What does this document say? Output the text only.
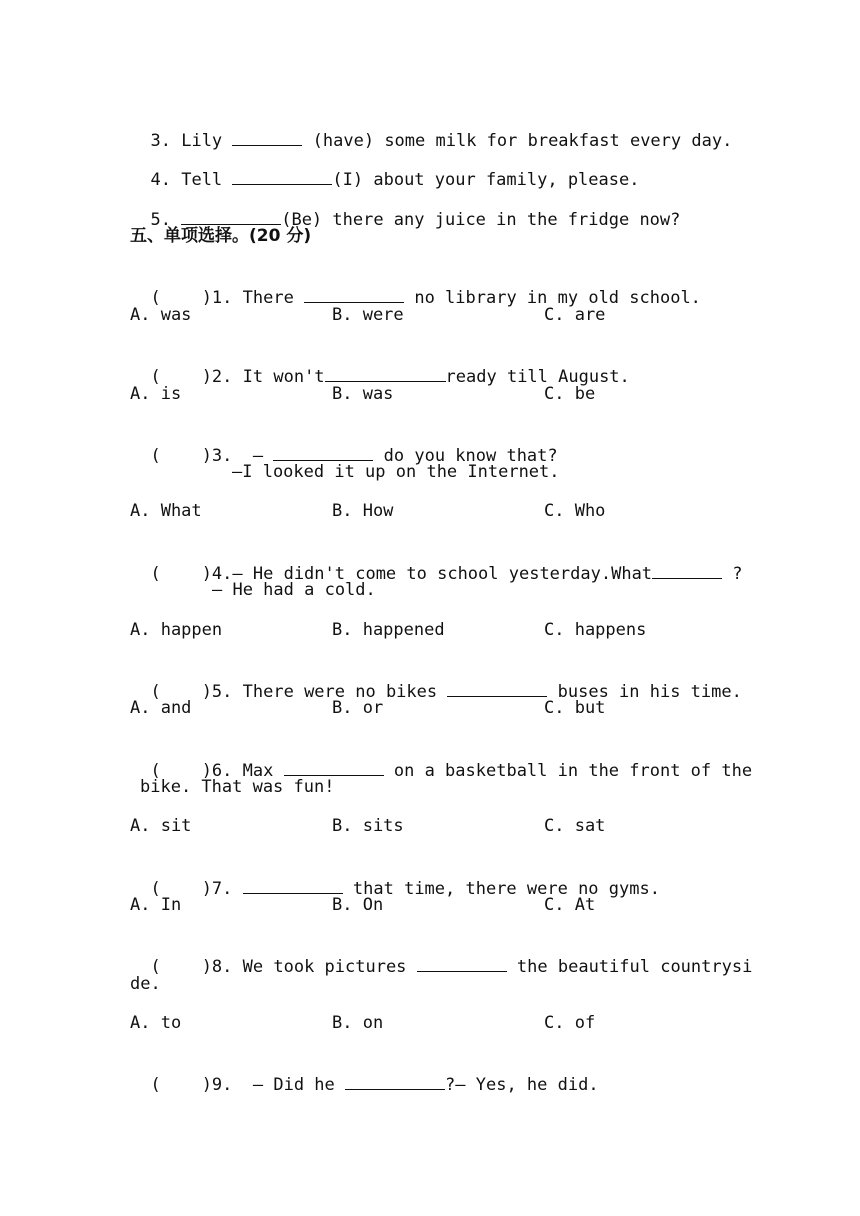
3. Lily	(have) some milk for breakfast every day.

4. Tell	(I) about your family, please.

5.	(Be) there any juice in the fridge now?

五、单项选择。(20 分)

( )1. There	no library in my old school.

A. was	B. were	C. are

( )2. It won't	ready till August.

A. is	B. was	C. be

( )3. —	do you know that?

—I looked it up on the Internet.
A. What	B. How	C. Who

( )4.— He didn't come to school yesterday.What	?

— He had a cold.
A. happen	B. happened	C. happens

( )5. There were no bikes	buses in his time.

A. and	B. or	C. but

( )6. Max	on a basketball in the front of the

bike. That was fun!
A. sit	B. sits	C. sat

( )7.	that time, there were no gyms.

A. In	B. On	C. At

( )8. We took pictures	the beautiful countrysi

de.
A. to	B. on	C. of

( )9. — Did he	?— Yes, he did.
